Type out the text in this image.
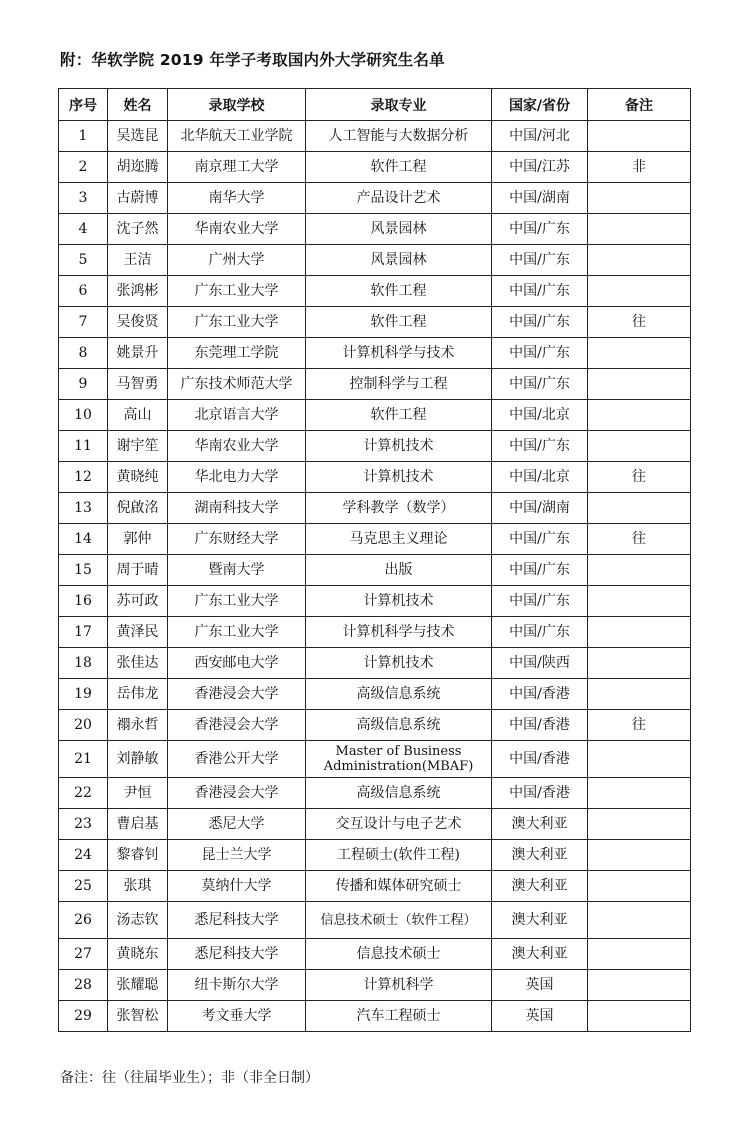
附：华软学院 2019 年学子考取国内外大学研究生名单
序号	姓名	录取学校	录取专业	国家/省份	备注
1	吴选昆	北华航天工业学院	人工智能与大数据分析	中国/河北	
2	胡迩腾	南京理工大学	软件工程	中国/江苏	非
3	古蔚博	南华大学	产品设计艺术	中国/湖南	
4	沈子然	华南农业大学	风景园林	中国/广东	
5	王洁	广州大学	风景园林	中国/广东	
6	张鸿彬	广东工业大学	软件工程	中国/广东	
7	吴俊贤	广东工业大学	软件工程	中国/广东	往
8	姚景升	东莞理工学院	计算机科学与技术	中国/广东	
9	马智勇	广东技术师范大学	控制科学与工程	中国/广东	
10	高山	北京语言大学	软件工程	中国/北京	
11	谢宇笙	华南农业大学	计算机技术	中国/广东	
12	黄晓纯	华北电力大学	计算机技术	中国/北京	往
13	倪啟洺	湖南科技大学	学科教学（数学）	中国/湖南	
14	郭仲	广东财经大学	马克思主义理论	中国/广东	往
15	周于晴	暨南大学	出版	中国/广东	
16	苏可政	广东工业大学	计算机技术	中国/广东	
17	黄泽民	广东工业大学	计算机科学与技术	中国/广东	
18	张佳达	西安邮电大学	计算机技术	中国/陕西	
19	岳伟龙	香港浸会大学	高级信息系统	中国/香港	
20	禤永哲	香港浸会大学	高级信息系统	中国/香港	往
21	刘静敏	香港公开大学	Master of Business Administration(MBAF)	中国/香港	
22	尹恒	香港浸会大学	高级信息系统	中国/香港	
23	曹启基	悉尼大学	交互设计与电子艺术	澳大利亚	
24	黎睿钊	昆士兰大学	工程硕士(软件工程)	澳大利亚	
25	张琪	莫纳什大学	传播和媒体研究硕士	澳大利亚	
26	汤志钦	悉尼科技大学	信息技术硕士（软件工程）	澳大利亚	
27	黄晓东	悉尼科技大学	信息技术硕士	澳大利亚	
28	张耀聪	纽卡斯尔大学	计算机科学	英国	
29	张智松	考文垂大学	汽车工程硕士	英国	
备注：往（往届毕业生）；非（非全日制）
